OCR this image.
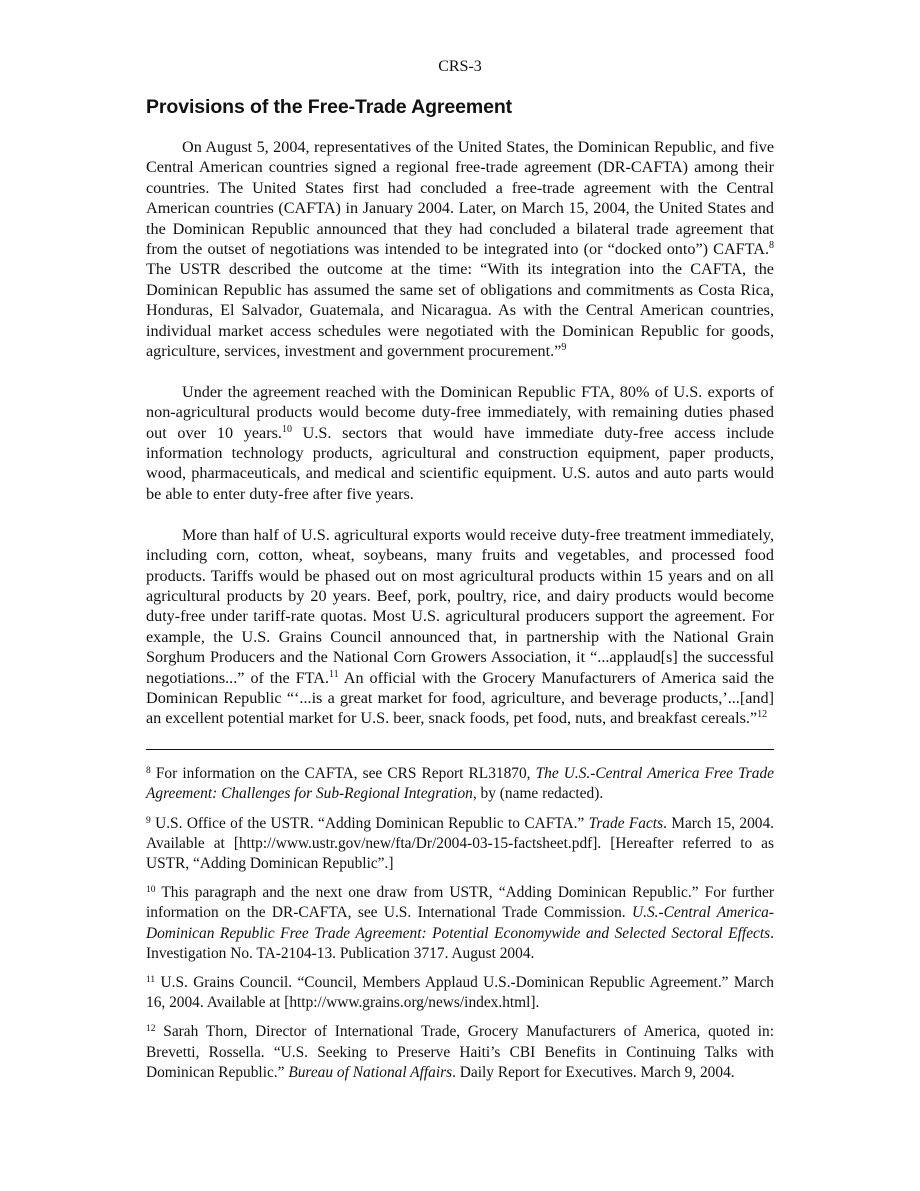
CRS-3
Provisions of the Free-Trade Agreement

On August 5, 2004, representatives of the United States, the Dominican Republic, and five Central American countries signed a regional free-trade agreement (DR-CAFTA) among their countries. The United States first had concluded a free-trade agreement with the Central American countries (CAFTA) in January 2004. Later, on March 15, 2004, the United States and the Dominican Republic announced that they had concluded a bilateral trade agreement that from the outset of negotiations was intended to be integrated into (or “docked onto”) CAFTA.$^8$ The USTR described the outcome at the time: “With its integration into the CAFTA, the Dominican Republic has assumed the same set of obligations and commitments as Costa Rica, Honduras, El Salvador, Guatemala, and Nicaragua. As with the Central American countries, individual market access schedules were negotiated with the Dominican Republic for goods, agriculture, services, investment and government procurement.”$^9$

Under the agreement reached with the Dominican Republic FTA, 80% of U.S. exports of non-agricultural products would become duty-free immediately, with remaining duties phased out over 10 years.$^{10}$ U.S. sectors that would have immediate duty-free access include information technology products, agricultural and construction equipment, paper products, wood, pharmaceuticals, and medical and scientific equipment. U.S. autos and auto parts would be able to enter duty-free after five years.

More than half of U.S. agricultural exports would receive duty-free treatment immediately, including corn, cotton, wheat, soybeans, many fruits and vegetables, and processed food products. Tariffs would be phased out on most agricultural products within 15 years and on all agricultural products by 20 years. Beef, pork, poultry, rice, and dairy products would become duty-free under tariff-rate quotas. Most U.S. agricultural producers support the agreement. For example, the U.S. Grains Council announced that, in partnership with the National Grain Sorghum Producers and the National Corn Growers Association, it “...applaud[s] the successful negotiations...” of the FTA.$^{11}$ An official with the Grocery Manufacturers of America said the Dominican Republic “‘...is a great market for food, agriculture, and beverage products,’...[and] an excellent potential market for U.S. beer, snack foods, pet food, nuts, and breakfast cereals.”$^{12}$

$^8$ For information on the CAFTA, see CRS Report RL31870, The U.S.-Central America Free Trade Agreement: Challenges for Sub-Regional Integration, by (name redacted).

$^9$ U.S. Office of the USTR. “Adding Dominican Republic to CAFTA.” Trade Facts. March 15, 2004. Available at [http://www.ustr.gov/new/fta/Dr/2004-03-15-factsheet.pdf]. [Hereafter referred to as USTR, “Adding Dominican Republic”.]

$^{10}$ This paragraph and the next one draw from USTR, “Adding Dominican Republic.” For further information on the DR-CAFTA, see U.S. International Trade Commission. U.S.-Central America-Dominican Republic Free Trade Agreement: Potential Economywide and Selected Sectoral Effects. Investigation No. TA-2104-13. Publication 3717. August 2004.

$^{11}$ U.S. Grains Council. “Council, Members Applaud U.S.-Dominican Republic Agreement.” March 16, 2004. Available at [http://www.grains.org/news/index.html].

$^{12}$ Sarah Thorn, Director of International Trade, Grocery Manufacturers of America, quoted in: Brevetti, Rossella. “U.S. Seeking to Preserve Haiti’s CBI Benefits in Continuing Talks with Dominican Republic.” Bureau of National Affairs. Daily Report for Executives. March 9, 2004.
